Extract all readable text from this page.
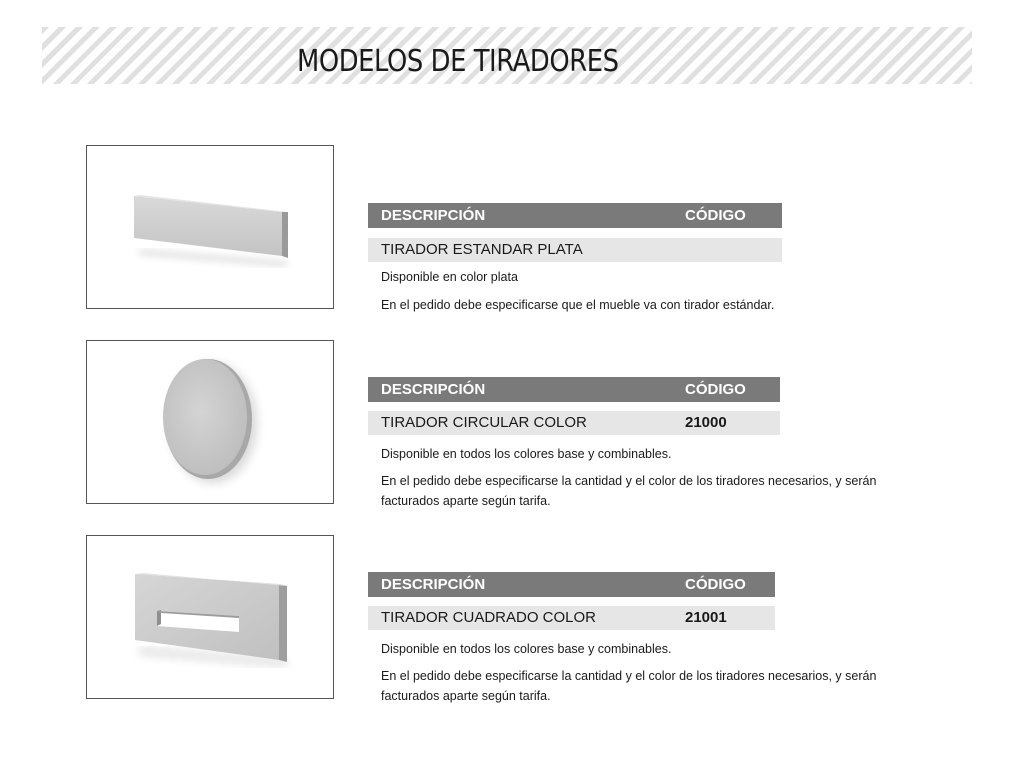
MODELOS DE TIRADORES
DESCRIPCIÓN	CÓDIGO
TIRADOR ESTANDAR PLATA
Disponible en color plata
En el pedido debe especificarse que el mueble va con tirador estándar.
DESCRIPCIÓN	CÓDIGO
TIRADOR CIRCULAR COLOR	21000
Disponible en todos los colores base y combinables.
En el pedido debe especificarse la cantidad y el color de los tiradores necesarios, y serán facturados aparte según tarifa.
DESCRIPCIÓN	CÓDIGO
TIRADOR CUADRADO COLOR	21001
Disponible en todos los colores base y combinables.
En el pedido debe especificarse la cantidad y el color de los tiradores necesarios, y serán facturados aparte según tarifa.
